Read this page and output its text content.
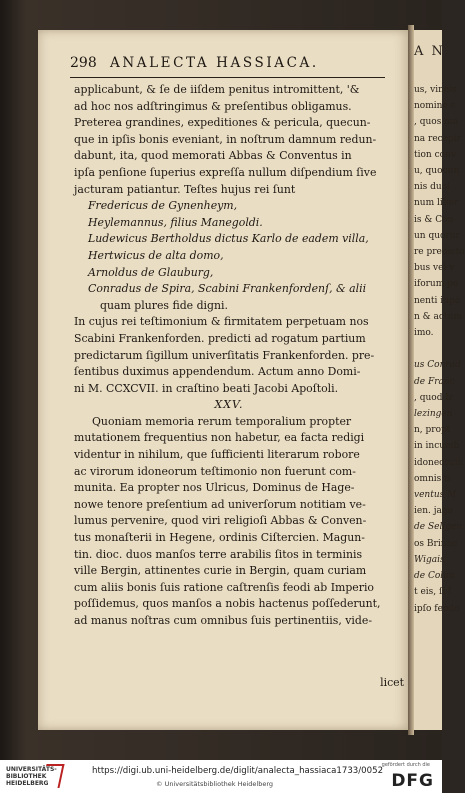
A N
us, vineis
nomine c
, quos ma
na recepir
tion conv
u, quocun
nis duol
num liber
is & Con
un quorur
re predicto
bus vel v
iforum pe
nenti inpo
n & actum
imo.

us Conrad
de Franc
, quod Ir
lezingen
n, propt
in incumb
idoneorum
omnis ti
ventus M
ien. jage
de Seligen
os Brinhe
Wigais
de Colun
t eis, ſi ſ
ipſo feodo
298 ANALECTA HASSIACA.
applicabunt, & ſe de iiſdem penitus intromittent, '&
ad hoc nos adſtringimus & preſentibus obligamus.
Preterea grandines, expeditiones & pericula, quecun-
que in ipſis bonis eveniant, in noſtrum damnum redun-
dabunt, ita, quod memorati Abbas & Conventus in
ipſa penſione ſuperius expreſſa nullum diſpendium ſive
jacturam patiantur. Teſtes hujus rei ſunt
Fredericus de Gynenheym,
Heylemannus, filius Manegoldi.
Ludewicus Bertholdus dictus Karlo de eadem villa,
Hertwicus de alta domo,
Arnoldus de Glauburg,
Conradus de Spira, Scabini Frankenfordenſ, & alii
quam plures fide digni.
In cujus rei teſtimonium & firmitatem perpetuam nos
Scabini Frankenforden. predicti ad rogatum partium
predictarum ſigillum univerſitatis Frankenforden. pre-
ſentibus duximus appendendum. Actum anno Domi-
ni M. CCXCVII. in craſtino beati Jacobi Apoſtoli.
XXV.
Quoniam memoria rerum temporalium propter
mutationem frequentius non habetur, ea facta redigi
videntur in nihilum, que ſufficienti literarum robore
ac virorum idoneorum teſtimonio non fuerunt com-
munita. Ea propter nos Ulricus, Dominus de Hage-
nowe tenore preſentium ad univerſorum notitiam ve-
lumus pervenire, quod viri religioſi Abbas & Conven-
tus monaſterii in Hegene, ordinis Ciſtercien. Magun-
tin. dioc. duos manſos terre arabilis ſitos in terminis
ville Bergin, attinentes curie in Bergin, quam curiam
cum aliis bonis ſuis ratione caſtrenſis feodi ab Imperio
poſſidemus, quos manſos a nobis hactenus poſſederunt,
ad manus noſtras cum omnibus ſuis pertinentiis, vide-
licet
UNIVERSITÄTS-
BIBLIOTHEK
HEIDELBERG
https://digi.ub.uni-heidelberg.de/diglit/analecta_hassiaca1733/0052
© Universitätsbibliothek Heidelberg
gefördert durch die
DFG
